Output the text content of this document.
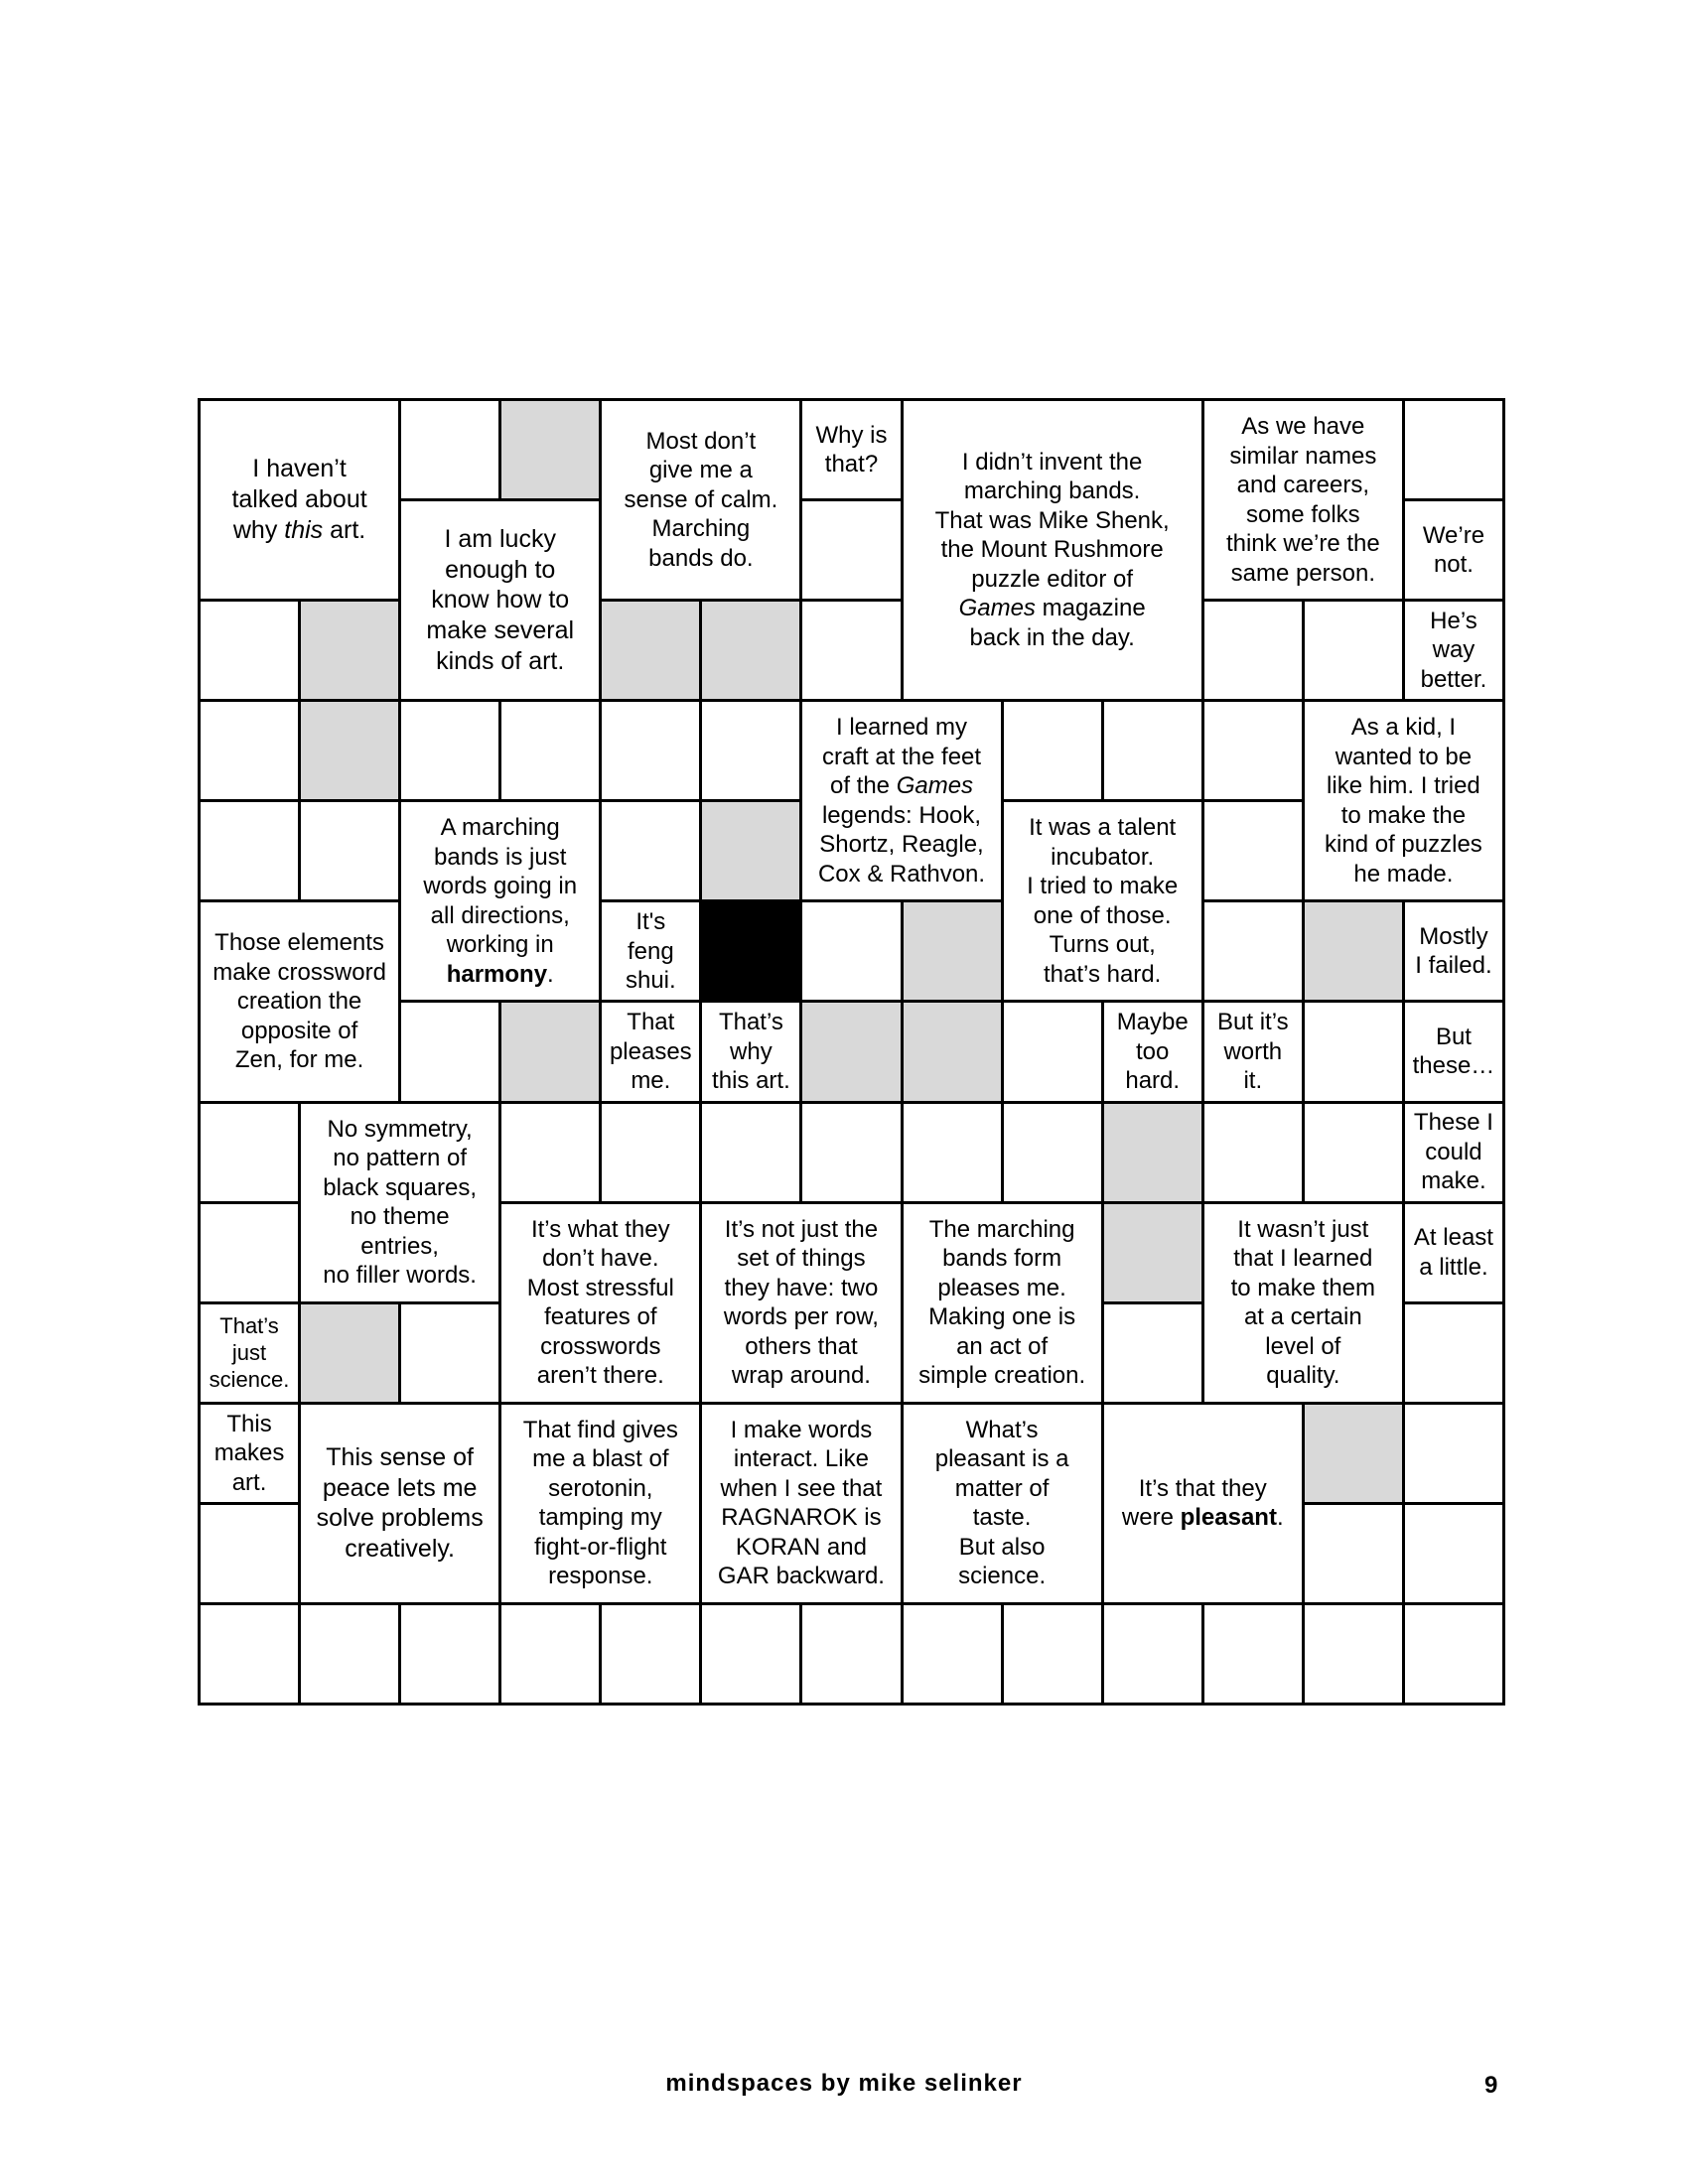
I haven’t
talked about
why this art.
Most don’t
give me a
sense of calm.
Marching
bands do.
Why is
that?	I didn’t invent the
marching bands.
That was Mike Shenk,
the Mount Rushmore
puzzle editor of
Games magazine
back in the day.
As we have
similar names
and careers,
some folks
think we’re the
same person.
I am lucky
enough to
know how to
make several
kinds of art.
We’re
not.
He’s
way
better.
I learned my
craft at the feet
of the Games
legends: Hook,
Shortz, Reagle,
Cox & Rathvon.
As a kid, I
wanted to be
like him. I tried
to make the
kind of puzzles
he made.
A marching
bands is just
words going in
all directions,
working in
harmony.
It was a talent
incubator.
I tried to make
one of those.
Turns out,
that’s hard.
Those elements
make crossword
creation the
opposite of
Zen, for me.
It's
feng
shui.
Mostly
I failed.
That
pleases
me.
That’s
why
this art.
Maybe
too
hard.
But it’s
worth
it.
But
these…
No symmetry,
no pattern of
black squares,
no theme
entries,
no filler words.
These I
could
make.
It’s what they
don’t have.
Most stressful
features of
crosswords
aren’t there.
It’s not just the
set of things
they have: two
words per row,
others that
wrap around.
The marching
bands form
pleases me.
Making one is
an act of
simple creation.
It wasn’t just
that I learned
to make them
at a certain
level of
quality.
At least
a little.
That’s
just
science.
It’s that they
were pleasant.
This
makes
art.
This sense of
peace lets me
solve problems
creatively.
That find gives
me a blast of
serotonin,
tamping my
fight-or-flight
response.
I make words
interact. Like
when I see that
RAGNAROK is
KORAN and
GAR backward.
What’s
pleasant is a
matter of
taste.
But also
science.
mindspaces by mike selinker	9
